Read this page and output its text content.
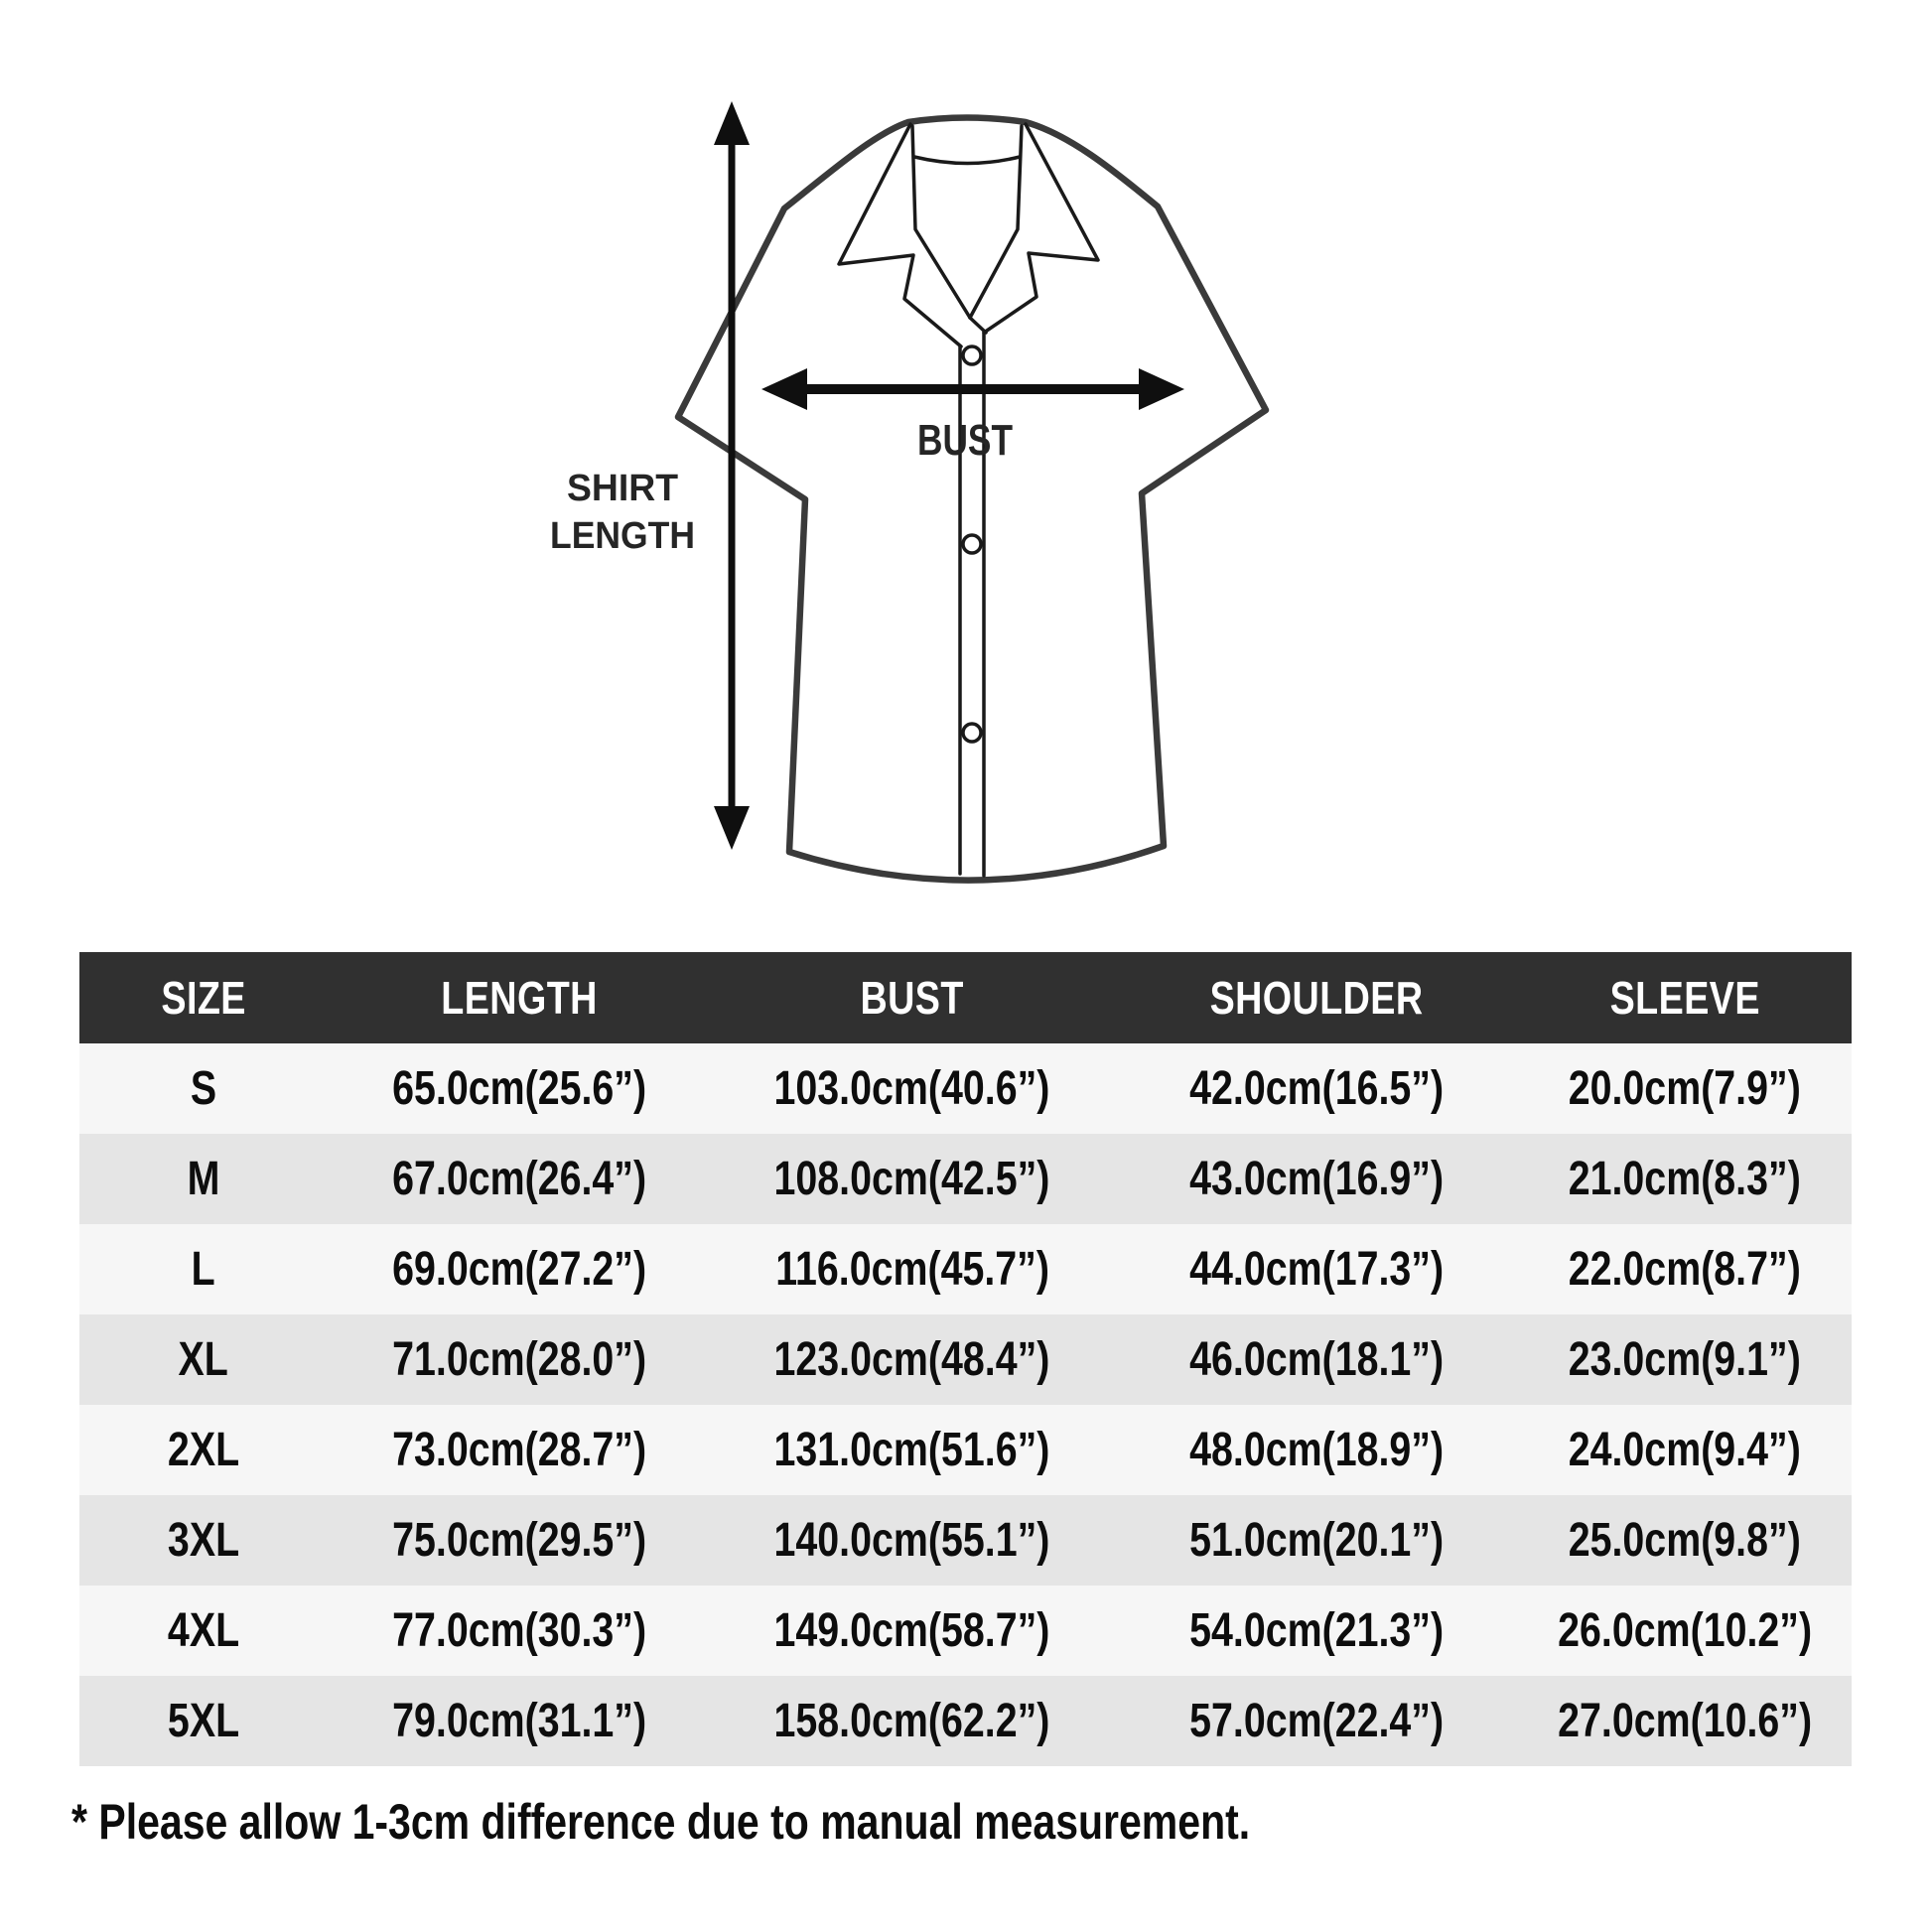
SHIRT
LENGTH
BUST
SIZE	LENGTH	BUST	SHOULDER	SLEEVE
S	65.0cm(25.6”)	103.0cm(40.6”)	42.0cm(16.5”)	20.0cm(7.9”)
M	67.0cm(26.4”)	108.0cm(42.5”)	43.0cm(16.9”)	21.0cm(8.3”)
L	69.0cm(27.2”)	116.0cm(45.7”)	44.0cm(17.3”)	22.0cm(8.7”)
XL	71.0cm(28.0”)	123.0cm(48.4”)	46.0cm(18.1”)	23.0cm(9.1”)
2XL	73.0cm(28.7”)	131.0cm(51.6”)	48.0cm(18.9”)	24.0cm(9.4”)
3XL	75.0cm(29.5”)	140.0cm(55.1”)	51.0cm(20.1”)	25.0cm(9.8”)
4XL	77.0cm(30.3”)	149.0cm(58.7”)	54.0cm(21.3”) 26.0cm(10.2”)
5XL	79.0cm(31.1”)	158.0cm(62.2”)	57.0cm(22.4”) 27.0cm(10.6”)
* Please allow 1-3cm difference due to manual measurement.
